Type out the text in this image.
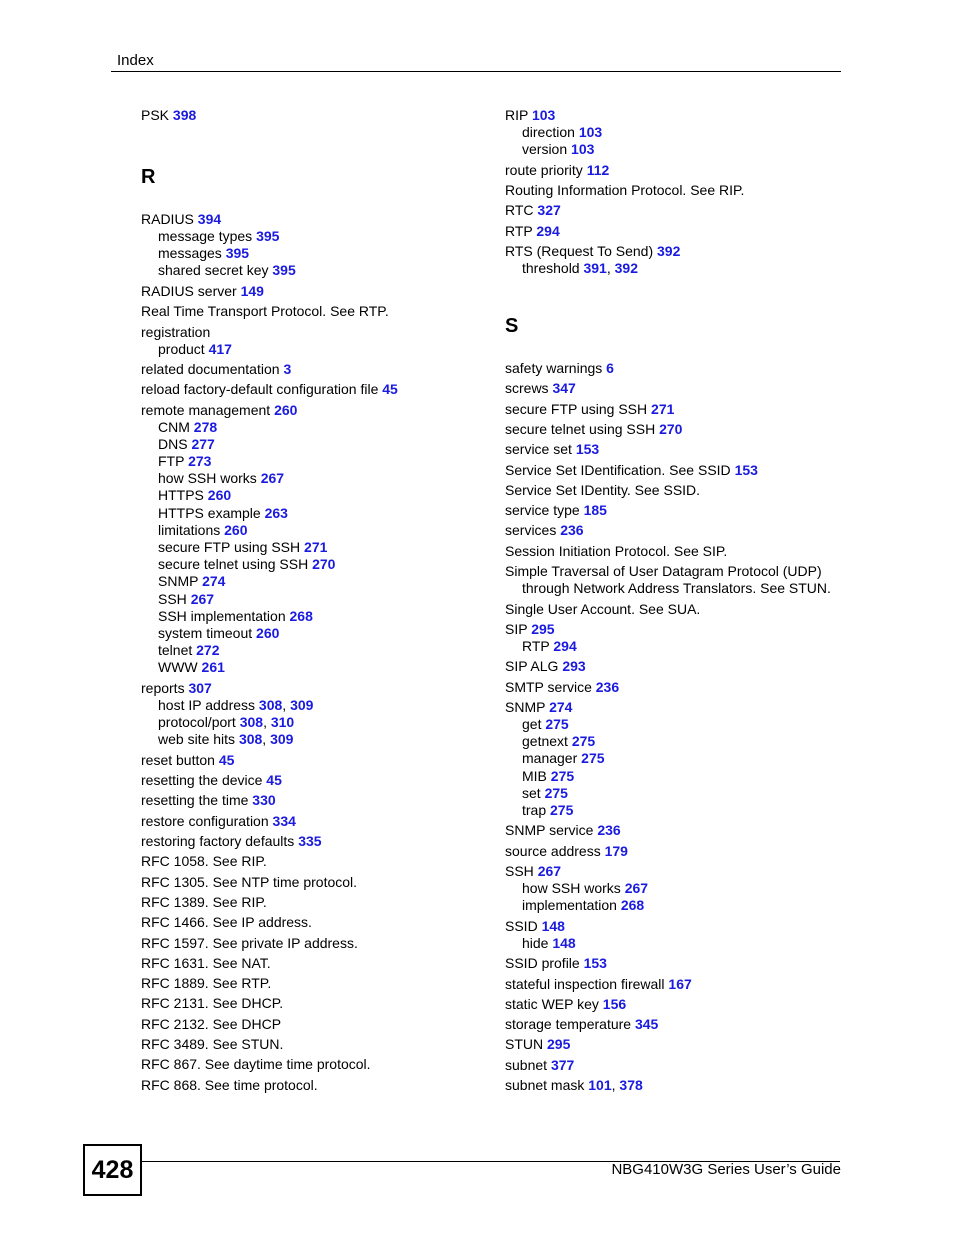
Index
PSK 398
R
RADIUS 394
message types 395
messages 395
shared secret key 395
RADIUS server 149
Real Time Transport Protocol. See RTP.
registration
product 417
related documentation 3
reload factory-default configuration file 45
remote management 260
CNM 278
DNS 277
FTP 273
how SSH works 267
HTTPS 260
HTTPS example 263
limitations 260
secure FTP using SSH 271
secure telnet using SSH 270
SNMP 274
SSH 267
SSH implementation 268
system timeout 260
telnet 272
WWW 261
reports 307
host IP address 308, 309
protocol/port 308, 310
web site hits 308, 309
reset button 45
resetting the device 45
resetting the time 330
restore configuration 334
restoring factory defaults 335
RFC 1058. See RIP.
RFC 1305. See NTP time protocol.
RFC 1389. See RIP.
RFC 1466. See IP address.
RFC 1597. See private IP address.
RFC 1631. See NAT.
RFC 1889. See RTP.
RFC 2131. See DHCP.
RFC 2132. See DHCP
RFC 3489. See STUN.
RFC 867. See daytime time protocol.
RFC 868. See time protocol.
RIP 103
direction 103
version 103
route priority 112
Routing Information Protocol. See RIP.
RTC 327
RTP 294
RTS (Request To Send) 392
threshold 391, 392
S
safety warnings 6
screws 347
secure FTP using SSH 271
secure telnet using SSH 270
service set 153
Service Set IDentification. See SSID 153
Service Set IDentity. See SSID.
service type 185
services 236
Session Initiation Protocol. See SIP.
Simple Traversal of User Datagram Protocol (UDP)
through Network Address Translators. See STUN.
Single User Account. See SUA.
SIP 295
RTP 294
SIP ALG 293
SMTP service 236
SNMP 274
get 275
getnext 275
manager 275
MIB 275
set 275
trap 275
SNMP service 236
source address 179
SSH 267
how SSH works 267
implementation 268
SSID 148
hide 148
SSID profile 153
stateful inspection firewall 167
static WEP key 156
storage temperature 345
STUN 295
subnet 377
subnet mask 101, 378
428	NBG410W3G Series User’s Guide
